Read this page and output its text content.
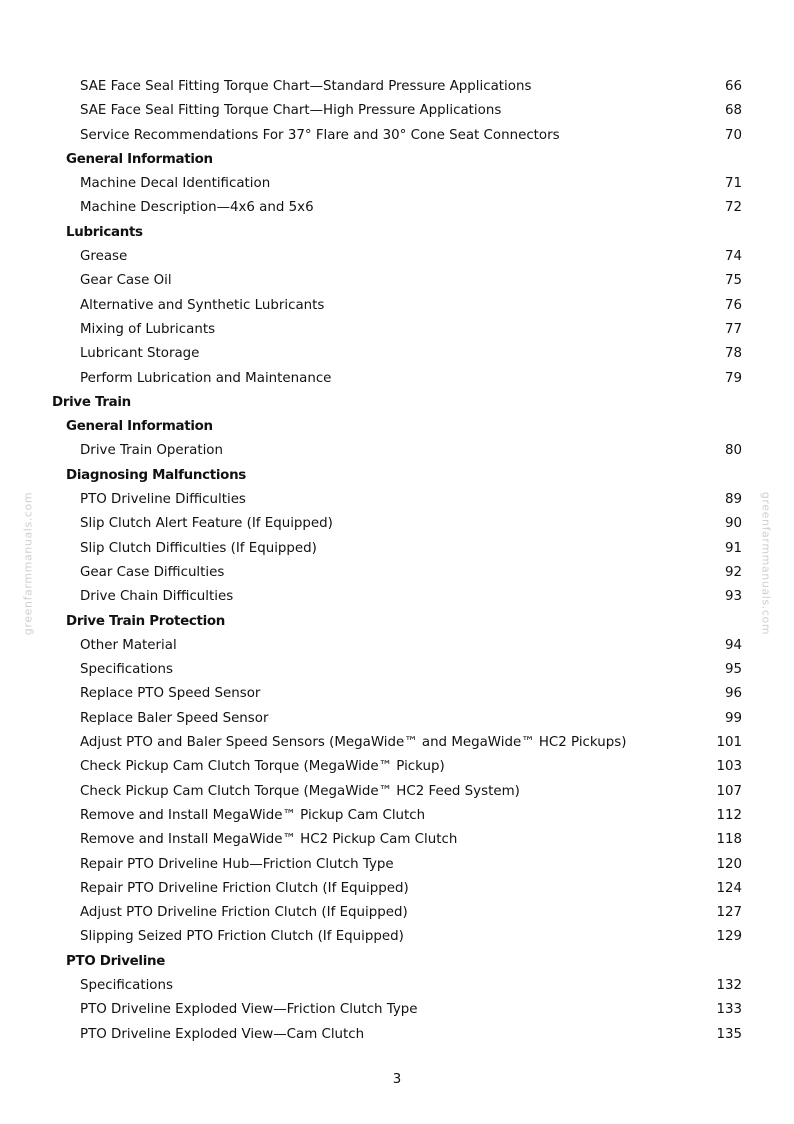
SAE Face Seal Fitting Torque Chart—Standard Pressure Applications	66
SAE Face Seal Fitting Torque Chart—High Pressure Applications	68
Service Recommendations For 37° Flare and 30° Cone Seat Connectors	70
General Information
Machine Decal Identification	71
Machine Description—4x6 and 5x6	72
Lubricants
Grease	74
Gear Case Oil	75
Alternative and Synthetic Lubricants	76
Mixing of Lubricants	77
Lubricant Storage	78
Perform Lubrication and Maintenance	79
Drive Train
General Information
Drive Train Operation	80
Diagnosing Malfunctions
PTO Driveline Difficulties	89
Slip Clutch Alert Feature (If Equipped)	90
Slip Clutch Difficulties (If Equipped)	91
Gear Case Difficulties	92
Drive Chain Difficulties	93
Drive Train Protection
Other Material	94
Specifications	95
Replace PTO Speed Sensor	96
Replace Baler Speed Sensor	99
Adjust PTO and Baler Speed Sensors (MegaWide™ and MegaWide™ HC2 Pickups)	101
Check Pickup Cam Clutch Torque (MegaWide™ Pickup)	103
Check Pickup Cam Clutch Torque (MegaWide™ HC2 Feed System)	107
Remove and Install MegaWide™ Pickup Cam Clutch	112
Remove and Install MegaWide™ HC2 Pickup Cam Clutch	118
Repair PTO Driveline Hub—Friction Clutch Type	120
Repair PTO Driveline Friction Clutch (If Equipped)	124
Adjust PTO Driveline Friction Clutch (If Equipped)	127
Slipping Seized PTO Friction Clutch (If Equipped)	129
PTO Driveline
Specifications	132
PTO Driveline Exploded View—Friction Clutch Type	133
PTO Driveline Exploded View—Cam Clutch	135
greenfarmmanuals.com	greenfarmmanuals.com
3
